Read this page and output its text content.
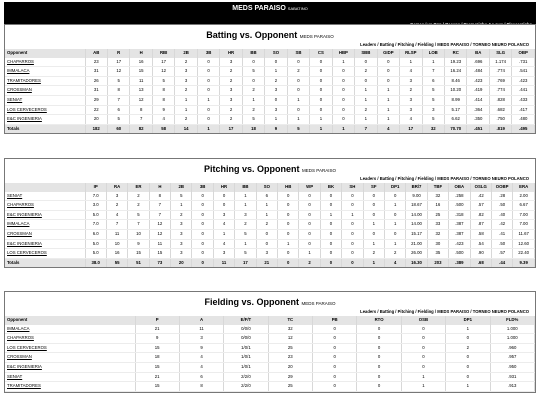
MEDS PARAISO SABATINO
Batting vs. Opponent MEDS PARAISO
Leaders / Batting / Pitching / Fielding / MEDS PARAISO / TORNEO NEURO POLANCO
Opponent	AB	R	H	RBI	2B	3B	HR	BB	SO	SB	CS	HBP	SBB	GIDP	RLSP	LOB	RC	BA	SLG	OBP
CHAPARROS	23	17	16	17	2	0	3	0	0	0	0	1	0	0	1	1	19.23	.696	1.174	.731
IMMALACA	31	12	15	12	3	0	2	5	1	2	0	0	2	0	4	7	16.24	.484	.774	.541
TRAMITADORES	26	5	11	5	3	0	2	0	2	0	0	0	0	0	3	6	8.46	.423	.769	.423
CROSSMAN	31	8	13	8	2	0	3	2	3	0	0	0	1	1	2	5	10.20	.419	.774	.441
SENIAT	29	7	12	8	1	1	3	1	0	1	0	0	1	1	3	5	8.99	.414	.828	.433
LOS CERVECEROS	22	6	8	9	1	0	2	2	3	0	0	0	2	1	3	3	5.17	.364	.682	.417
E&C INGENIERIA	20	5	7	4	2	0	2	5	1	1	1	0	1	1	4	5	6.62	.350	.750	.480
Totals	182	60	82	58	14	1	17	18	9	5	1	1	7	4	17	32	70.70	.451	.819	.495
Pitching vs. Opponent MEDS PARAISO
Leaders / Batting / Pitching / Fielding / MEDS PARAISO / TORNEO NEURO POLANCO
	IP	RA	ER	H	2B	3B	HR	BB	SO	HB	WP	BK	SH	SF	DP1	BR/7	TBF	OBA	OSLG	OOBP	ERA
SENIAT	7.0	3	2	8	5	0	0	1	6	0	0	0	0	0	0	9.00	32	.258	.42	.28	2.00
CHAPARROS	3.0	2	2	7	1	0	0	1	1	0	0	0	0	0	1	18.67	16	.500	.57	.50	6.67
E&C INGENIERIA	5.0	4	5	7	2	0	3	3	1	0	0	1	1	0	0	14.00	25	.318	.82	.40	7.00
IMMALACA	7.0	7	7	12	3	0	4	2	2	0	0	0	0	1	1	14.00	33	.387	.87	.42	7.00
CROSSMAN	6.0	11	10	12	3	0	1	5	0	0	0	0	0	0	0	15.17	32	.387	.58	.41	11.67
E&C INGENIERIA	5.0	10	9	11	3	0	4	1	0	1	0	0	0	1	1	21.00	30	.423	.54	.50	12.60
LOS CERVECEROS	5.0	16	15	15	3	0	3	5	3	0	1	0	0	2	2	26.00	35	.500	.90	.57	22.40
Totals	38.0	55	51	73	20	0	11	17	21	0	2	0	0	1	4	16.30	203	.389	.68	.44	9.39
Fielding vs. Opponent MEDS PARAISO
Leaders / Batting / Pitching / Fielding / MEDS PARAISO / TORNEO NEURO POLANCO
Opponent	P	A	E/F/T	TC	PB	RTO	OSB	DP1	FLD%
IMMALACA	21	11	0/0/0	32	0	0	0	1	1.000
CHAPARROS	9	3	0/0/0	12	0	0	0	0	1.000
LOS CERVECEROS	15	9	1/0/1	25	0	0	0	2	.960
CROSSMAN	18	4	1/0/1	23	0	0	0	0	.957
E&C INGENIERIA	15	4	1/0/1	20	0	0	0	0	.950
SENIAT	21	6	2/2/0	29	0	0	1	0	.931
TRAMITADORES	15	8	2/2/0	25	0	0	1	1	.913
